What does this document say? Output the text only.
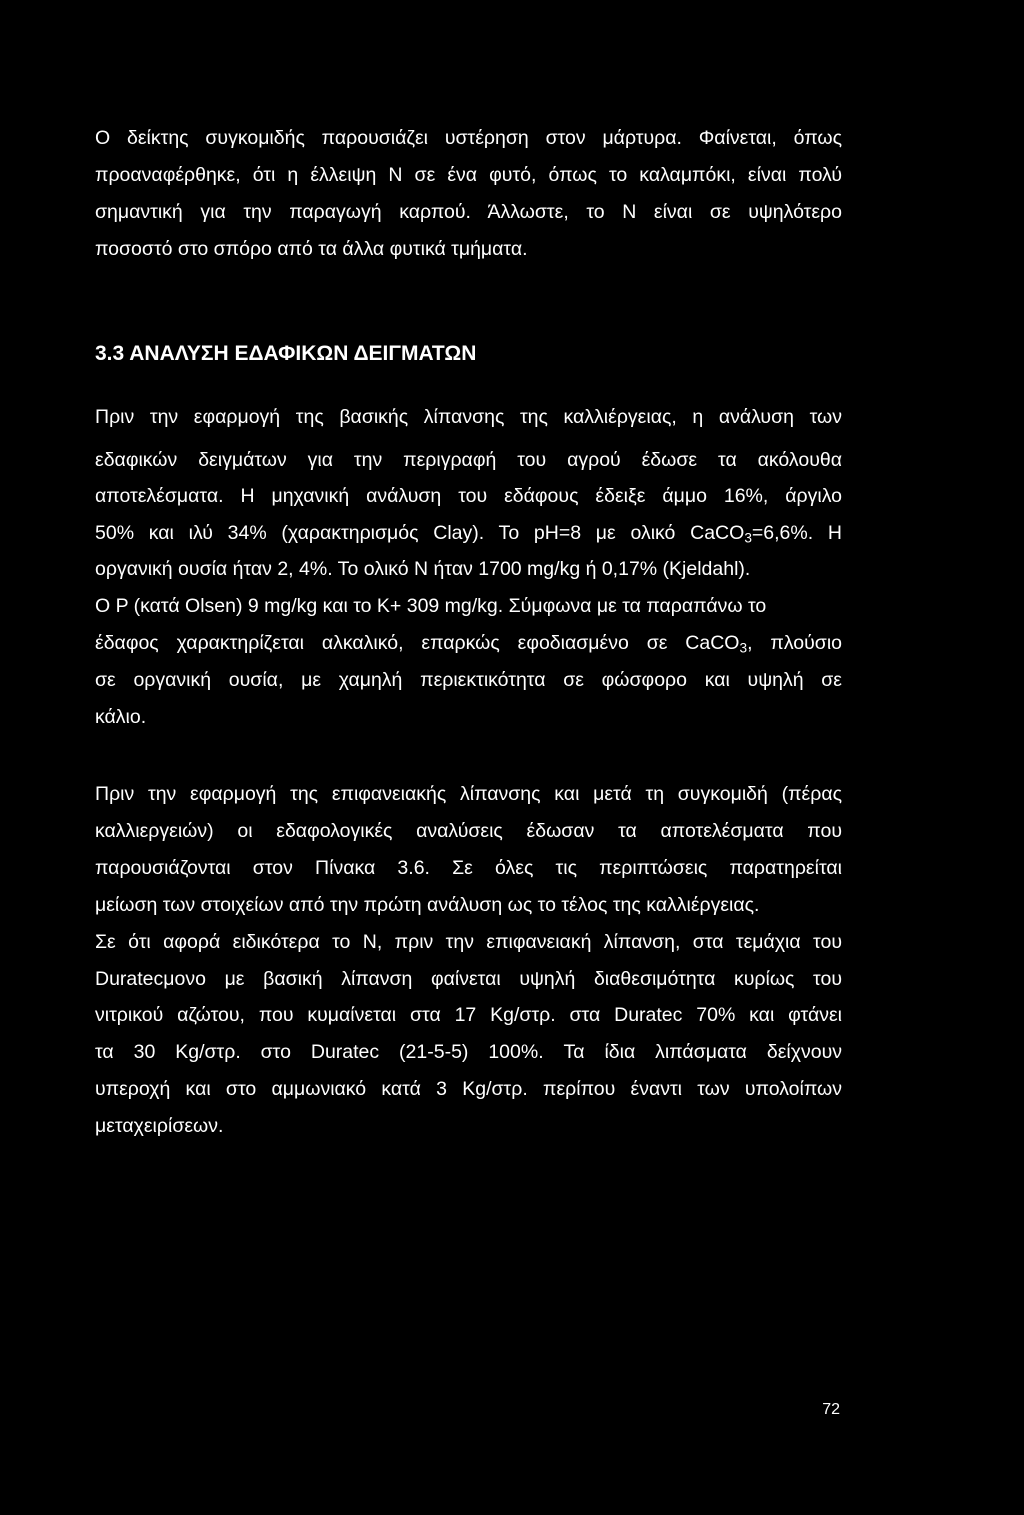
Ο δείκτης συγκομιδής παρουσιάζει υστέρηση στον μάρτυρα. Φαίνεται, όπως
προαναφέρθηκε, ότι η έλλειψη Ν σε ένα φυτό, όπως το καλαμπόκι, είναι πολύ
σημαντική για την παραγωγή καρπού. Άλλωστε, το Ν είναι σε υψηλότερο
ποσοστό στο σπόρο από τα άλλα φυτικά τμήματα.
3.3 ΑΝΑΛΥΣΗ ΕΔΑΦΙΚΩΝ ΔΕΙΓΜΑΤΩΝ
Πριν την εφαρμογή της βασικής λίπανσης της καλλιέργειας, η ανάλυση των
εδαφικών δειγμάτων για την περιγραφή του αγρού έδωσε τα ακόλουθα
αποτελέσματα. Η μηχανική ανάλυση του εδάφους έδειξε άμμο 16%, άργιλο
50% και ιλύ 34% (χαρακτηρισμός Clay). Το pH=8 με ολικό CaCO$_3$=6,6%. Η
οργανική ουσία ήταν 2, 4%. Το ολικό Ν ήταν 1700 mg/kg ή 0,17% (Kjeldahl).
Ο Ρ (κατά Olsen) 9 mg/kg και το Κ+ 309 mg/kg. Σύμφωνα με τα παραπάνω το
έδαφος χαρακτηρίζεται αλκαλικό, επαρκώς εφοδιασμένο σε CaCO$_3$, πλούσιο
σε οργανική ουσία, με χαμηλή περιεκτικότητα σε φώσφορο και υψηλή σε
κάλιο.
Πριν την εφαρμογή της επιφανειακής λίπανσης και μετά τη συγκομιδή (πέρας
καλλιεργειών) οι εδαφολογικές αναλύσεις έδωσαν τα αποτελέσματα που
παρουσιάζονται στον Πίνακα 3.6. Σε όλες τις περιπτώσεις παρατηρείται
μείωση των στοιχείων από την πρώτη ανάλυση ως το τέλος της καλλιέργειας.
Σε ότι αφορά ειδικότερα το Ν, πριν την επιφανειακή λίπανση, στα τεμάχια του
Duratecμονο με βασική λίπανση φαίνεται υψηλή διαθεσιμότητα κυρίως του
νιτρικού αζώτου, που κυμαίνεται στα 17 Kg/στρ. στα Duratec 70% και φτάνει
τα 30 Kg/στρ. στο Duratec (21-5-5) 100%. Τα ίδια λιπάσματα δείχνουν
υπεροχή και στο αμμωνιακό κατά 3 Kg/στρ. περίπου έναντι των υπολοίπων
μεταχειρίσεων.
72
